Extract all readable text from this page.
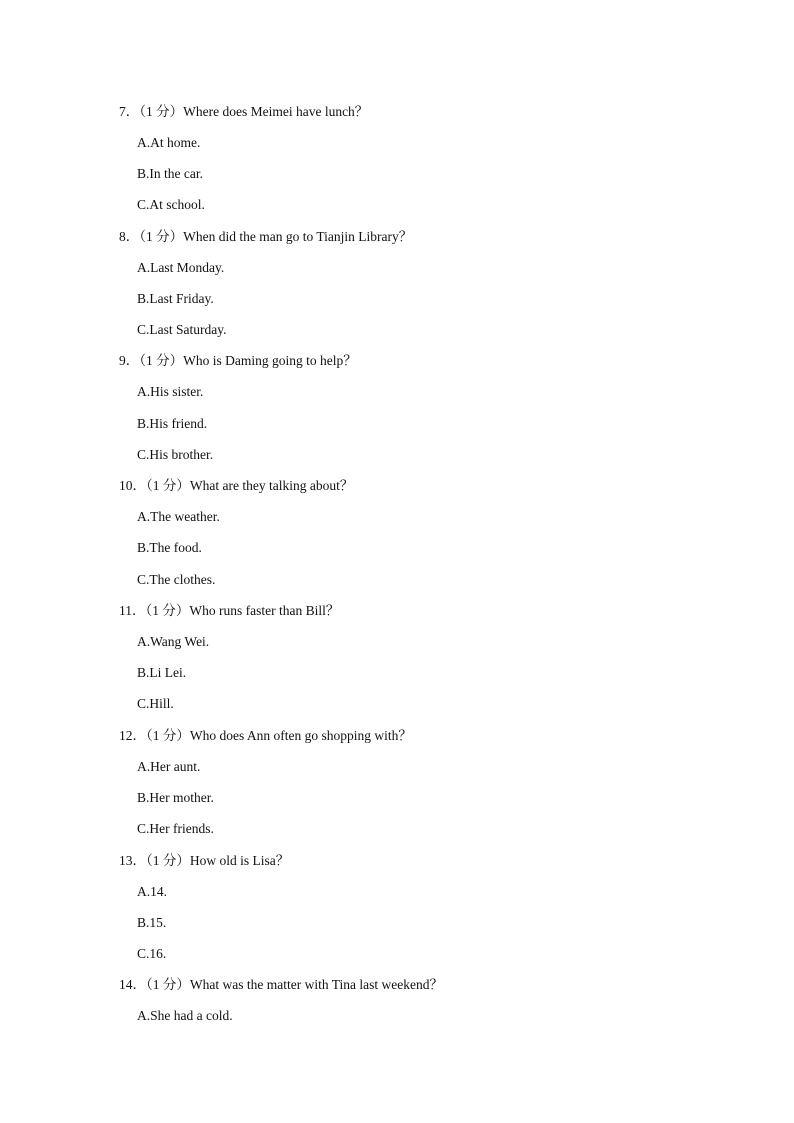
7．（1 分）Where does Meimei have lunch？
A.At home.
B.In the car.
C.At school.
8．（1 分）When did the man go to Tianjin Library？
A.Last Monday.
B.Last Friday.
C.Last Saturday.
9．（1 分）Who is Daming going to help？
A.His sister.
B.His friend.
C.His brother.
10．（1 分）What are they talking about？
A.The weather.
B.The food.
C.The clothes.
11．（1 分）Who runs faster than Bill？
A.Wang Wei.
B.Li Lei.
C.Hill.
12．（1 分）Who does Ann often go shopping with？
A.Her aunt.
B.Her mother.
C.Her friends.
13．（1 分）How old is Lisa？
A.14.
B.15.
C.16.
14．（1 分）What was the matter with Tina last weekend？
A.She had a cold.
